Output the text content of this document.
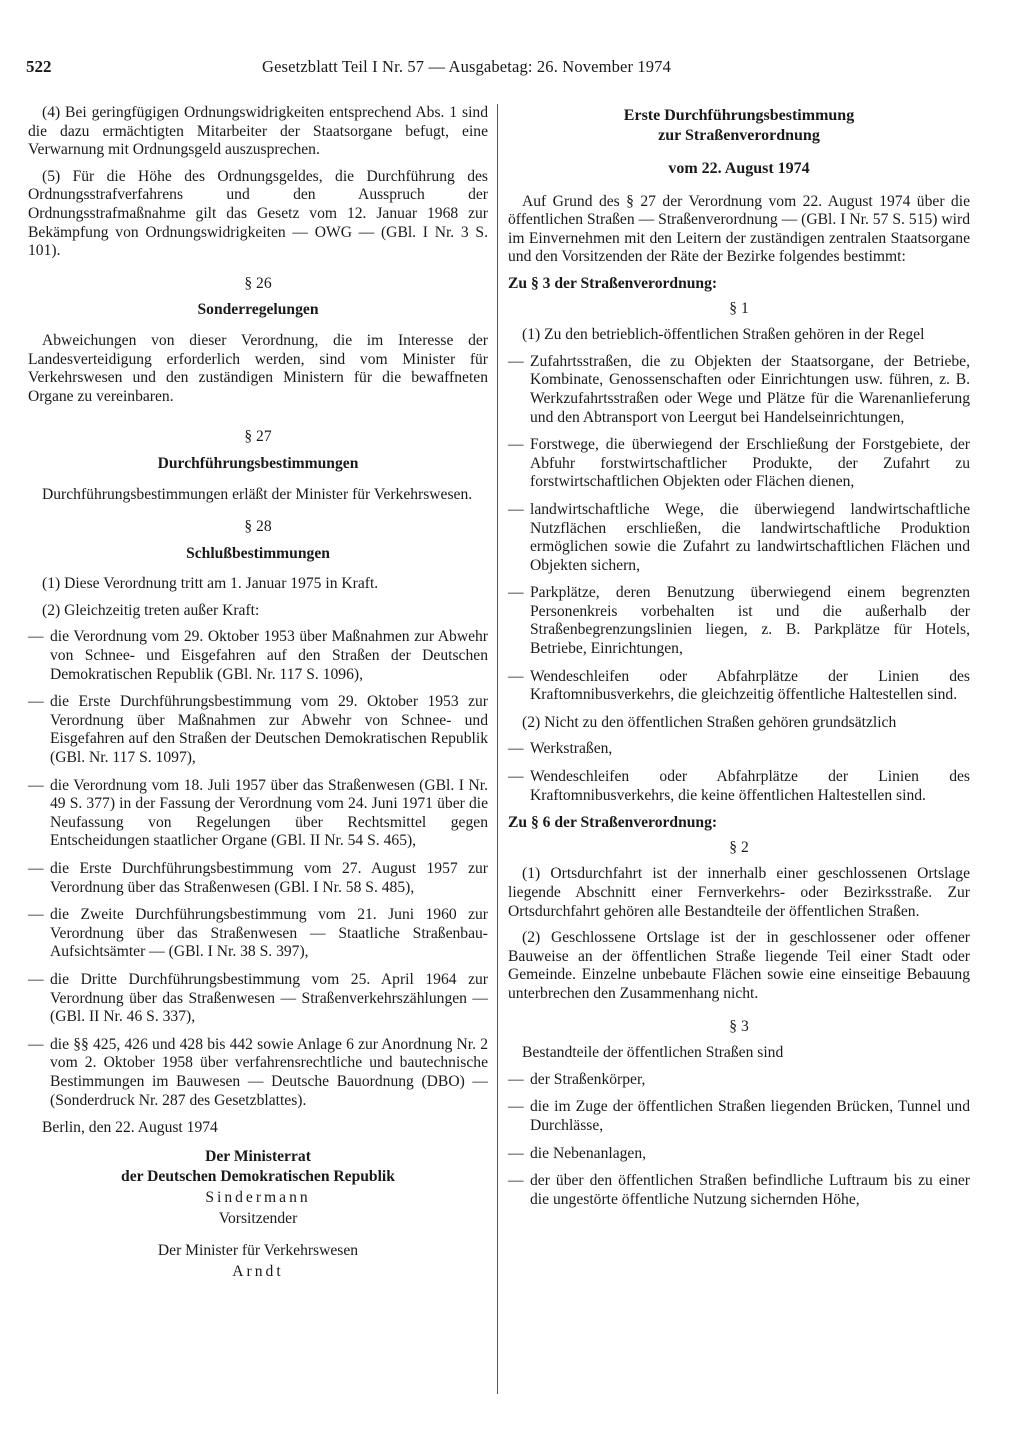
522	Gesetzblatt Teil I Nr. 57 — Ausgabetag: 26. November 1974

(4) Bei geringfügigen Ordnungswidrigkeiten entsprechend Abs. 1 sind die dazu ermächtigten Mitarbeiter der Staatsorgane befugt, eine Verwarnung mit Ordnungsgeld auszusprechen.

(5) Für die Höhe des Ordnungsgeldes, die Durchführung des Ordnungsstrafverfahrens und den Ausspruch der Ordnungsstrafmaßnahme gilt das Gesetz vom 12. Januar 1968 zur Bekämpfung von Ordnungswidrigkeiten — OWG — (GBl. I Nr. 3 S. 101).

§ 26
Sonderregelungen

Abweichungen von dieser Verordnung, die im Interesse der Landesverteidigung erforderlich werden, sind vom Minister für Verkehrswesen und den zuständigen Ministern für die bewaffneten Organe zu vereinbaren.

§ 27
Durchführungsbestimmungen

Durchführungsbestimmungen erläßt der Minister für Verkehrswesen.

§ 28
Schlußbestimmungen

(1) Diese Verordnung tritt am 1. Januar 1975 in Kraft.

(2) Gleichzeitig treten außer Kraft:

— die Verordnung vom 29. Oktober 1953 über Maßnahmen zur Abwehr von Schnee- und Eisgefahren auf den Straßen der Deutschen Demokratischen Republik (GBl. Nr. 117 S. 1096),
— die Erste Durchführungsbestimmung vom 29. Oktober 1953 zur Verordnung über Maßnahmen zur Abwehr von Schnee- und Eisgefahren auf den Straßen der Deutschen Demokratischen Republik (GBl. Nr. 117 S. 1097),
— die Verordnung vom 18. Juli 1957 über das Straßenwesen (GBl. I Nr. 49 S. 377) in der Fassung der Verordnung vom 24. Juni 1971 über die Neufassung von Regelungen über Rechtsmittel gegen Entscheidungen staatlicher Organe (GBl. II Nr. 54 S. 465),
— die Erste Durchführungsbestimmung vom 27. August 1957 zur Verordnung über das Straßenwesen (GBl. I Nr. 58 S. 485),
— die Zweite Durchführungsbestimmung vom 21. Juni 1960 zur Verordnung über das Straßenwesen — Staatliche Straßenbau-Aufsichtsämter — (GBl. I Nr. 38 S. 397),
— die Dritte Durchführungsbestimmung vom 25. April 1964 zur Verordnung über das Straßenwesen — Straßenverkehrszählungen — (GBl. II Nr. 46 S. 337),
— die §§ 425, 426 und 428 bis 442 sowie Anlage 6 zur Anordnung Nr. 2 vom 2. Oktober 1958 über verfahrensrechtliche und bautechnische Bestimmungen im Bauwesen — Deutsche Bauordnung (DBO) — (Sonderdruck Nr. 287 des Gesetzblattes).

Berlin, den 22. August 1974

Der Ministerrat
der Deutschen Demokratischen Republik
Sindermann
Vorsitzender
Der Minister für Verkehrswesen
Arndt
Erste Durchführungsbestimmung
zur Straßenverordnung
vom 22. August 1974

Auf Grund des § 27 der Verordnung vom 22. August 1974 über die öffentlichen Straßen — Straßenverordnung — (GBl. I Nr. 57 S. 515) wird im Einvernehmen mit den Leitern der zuständigen zentralen Staatsorgane und den Vorsitzenden der Räte der Bezirke folgendes bestimmt:

Zu § 3 der Straßenverordnung:
§ 1

(1) Zu den betrieblich-öffentlichen Straßen gehören in der Regel

— Zufahrtsstraßen, die zu Objekten der Staatsorgane, der Betriebe, Kombinate, Genossenschaften oder Einrichtungen usw. führen, z. B. Werkzufahrtsstraßen oder Wege und Plätze für die Warenanlieferung und den Abtransport von Leergut bei Handelseinrichtungen,
— Forstwege, die überwiegend der Erschließung der Forstgebiete, der Abfuhr forstwirtschaftlicher Produkte, der Zufahrt zu forstwirtschaftlichen Objekten oder Flächen dienen,
— landwirtschaftliche Wege, die überwiegend landwirtschaftliche Nutzflächen erschließen, die landwirtschaftliche Produktion ermöglichen sowie die Zufahrt zu landwirtschaftlichen Flächen und Objekten sichern,
— Parkplätze, deren Benutzung überwiegend einem begrenzten Personenkreis vorbehalten ist und die außerhalb der Straßenbegrenzungslinien liegen, z. B. Parkplätze für Hotels, Betriebe, Einrichtungen,
— Wendeschleifen oder Abfahrplätze der Linien des Kraftomnibusverkehrs, die gleichzeitig öffentliche Haltestellen sind.

(2) Nicht zu den öffentlichen Straßen gehören grundsätzlich

— Werkstraßen,
— Wendeschleifen oder Abfahrplätze der Linien des Kraftomnibusverkehrs, die keine öffentlichen Haltestellen sind.
Zu § 6 der Straßenverordnung:
§ 2

(1) Ortsdurchfahrt ist der innerhalb einer geschlossenen Ortslage liegende Abschnitt einer Fernverkehrs- oder Bezirksstraße. Zur Ortsdurchfahrt gehören alle Bestandteile der öffentlichen Straßen.

(2) Geschlossene Ortslage ist der in geschlossener oder offener Bauweise an der öffentlichen Straße liegende Teil einer Stadt oder Gemeinde. Einzelne unbebaute Flächen sowie eine einseitige Bebauung unterbrechen den Zusammenhang nicht.

§ 3

Bestandteile der öffentlichen Straßen sind

— der Straßenkörper,
— die im Zuge der öffentlichen Straßen liegenden Brücken, Tunnel und Durchlässe,
— die Nebenanlagen,
— der über den öffentlichen Straßen befindliche Luftraum bis zu einer die ungestörte öffentliche Nutzung sichernden Höhe,
